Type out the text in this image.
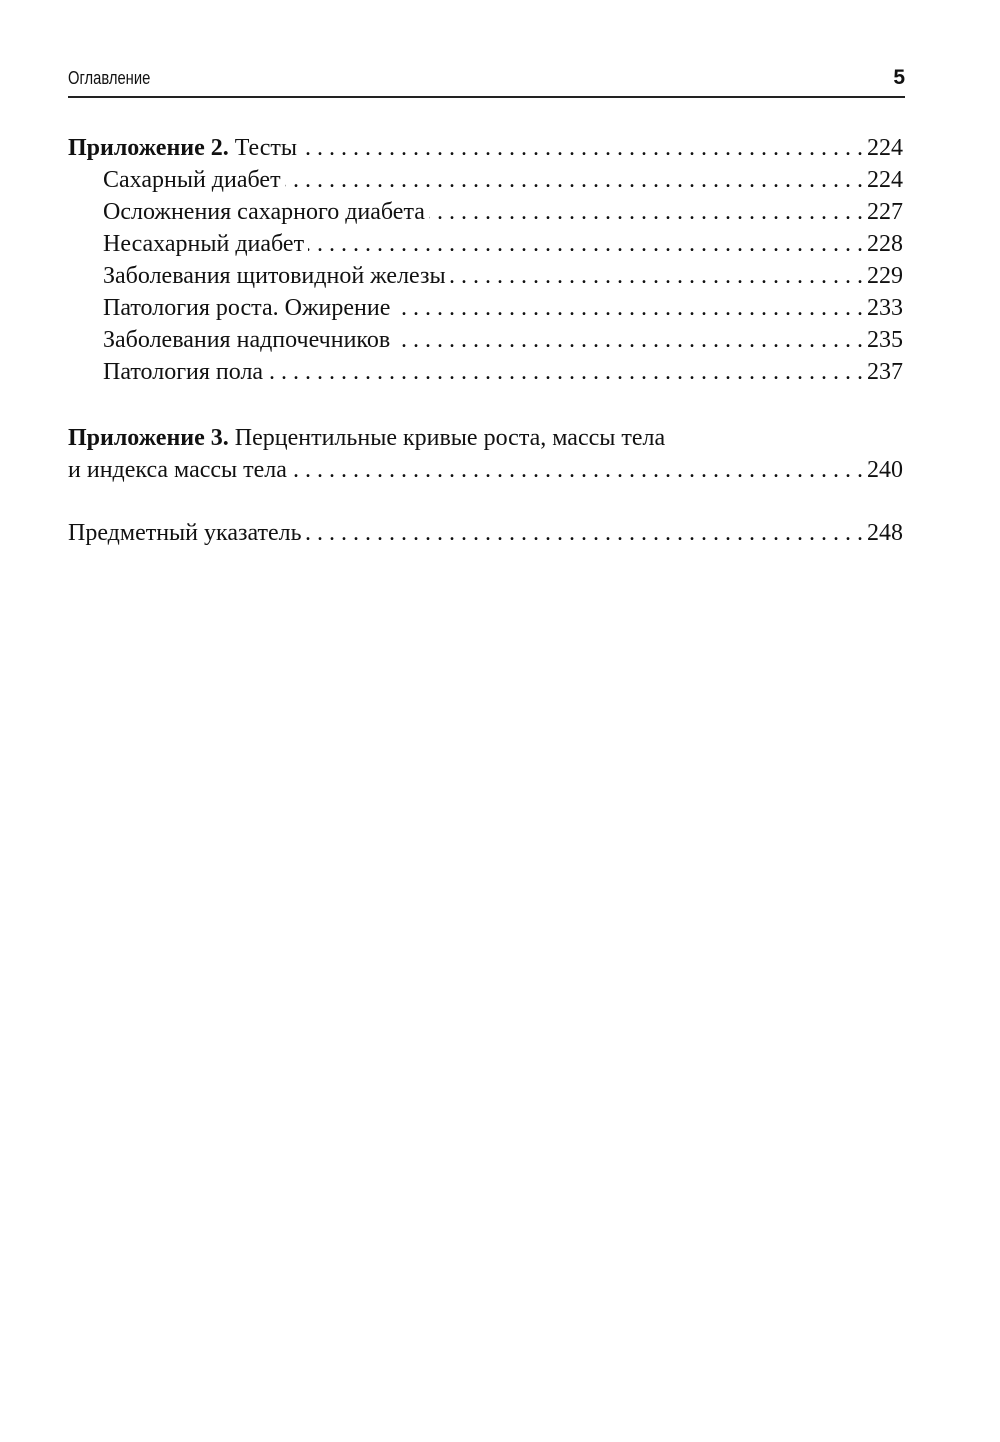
Оглавление	5
Приложение 2. Тесты . . .	224
Сахарный диабет . . .	224
Осложнения сахарного диабета . . .	227
Несахарный диабет . . .	228
Заболевания щитовидной железы . . .	229
Патология роста. Ожирение . . .	233
Заболевания надпочечников . . .	235
Патология пола . . .	237
Приложение 3. Перцентильные кривые роста, массы тела
и индекса массы тела . . .	240
Предметный указатель . . .	248
